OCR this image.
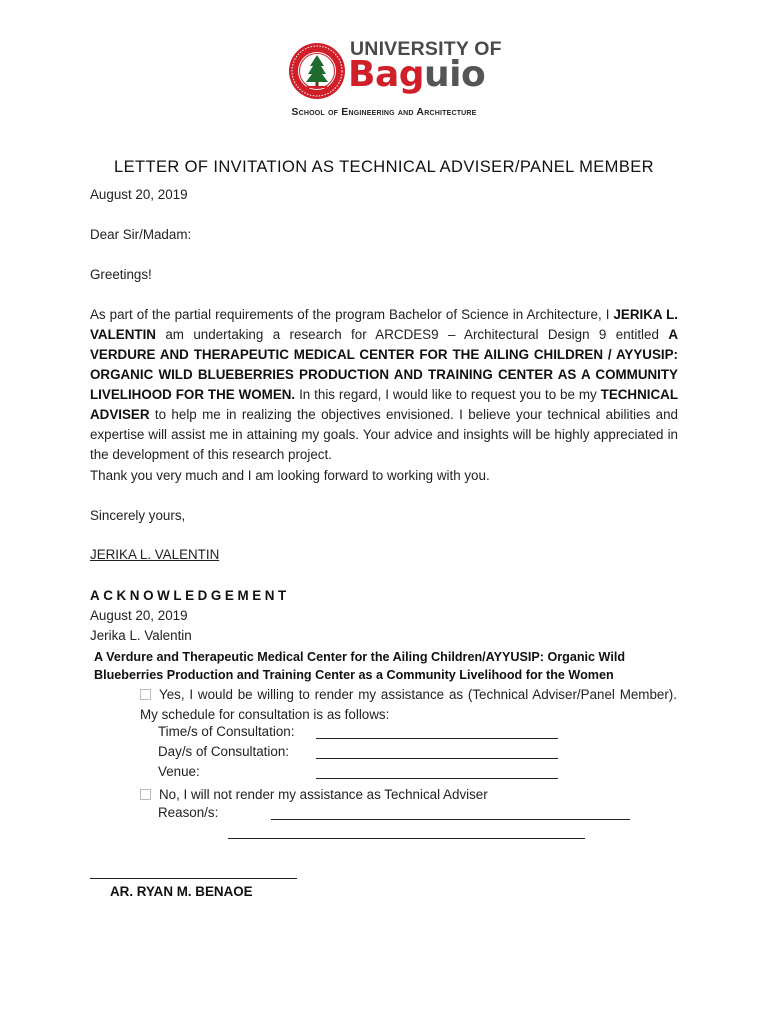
UNIVERSITY OF
Baguio
School of Engineering and Architecture
LETTER OF INVITATION AS TECHNICAL ADVISER/PANEL MEMBER
August 20, 2019
Dear Sir/Madam:
Greetings!
As part of the partial requirements of the program Bachelor of Science in Architecture, I JERIKA L. VALENTIN am undertaking a research for ARCDES9 – Architectural Design 9 entitled A VERDURE AND THERAPEUTIC MEDICAL CENTER FOR THE AILING CHILDREN / AYYUSIP: ORGANIC WILD BLUEBERRIES PRODUCTION AND TRAINING CENTER AS A COMMUNITY LIVELIHOOD FOR THE WOMEN. In this regard, I would like to request you to be my TECHNICAL ADVISER to help me in realizing the objectives envisioned. I believe your technical abilities and expertise will assist me in attaining my goals. Your advice and insights will be highly appreciated in the development of this research project.
Thank you very much and I am looking forward to working with you.
Sincerely yours,
JERIKA L. VALENTIN
ACKNOWLEDGEMENT
August 20, 2019
Jerika L. Valentin
A Verdure and Therapeutic Medical Center for the Ailing Children/AYYUSIP: Organic Wild Blueberries Production and Training Center as a Community Livelihood for the Women
Yes, I would be willing to render my assistance as (Technical Adviser/Panel Member). My schedule for consultation is as follows:
Time/s of Consultation:
Day/s of Consultation:
Venue:
No, I will not render my assistance as Technical Adviser
Reason/s:
AR. RYAN M. BENAOE
